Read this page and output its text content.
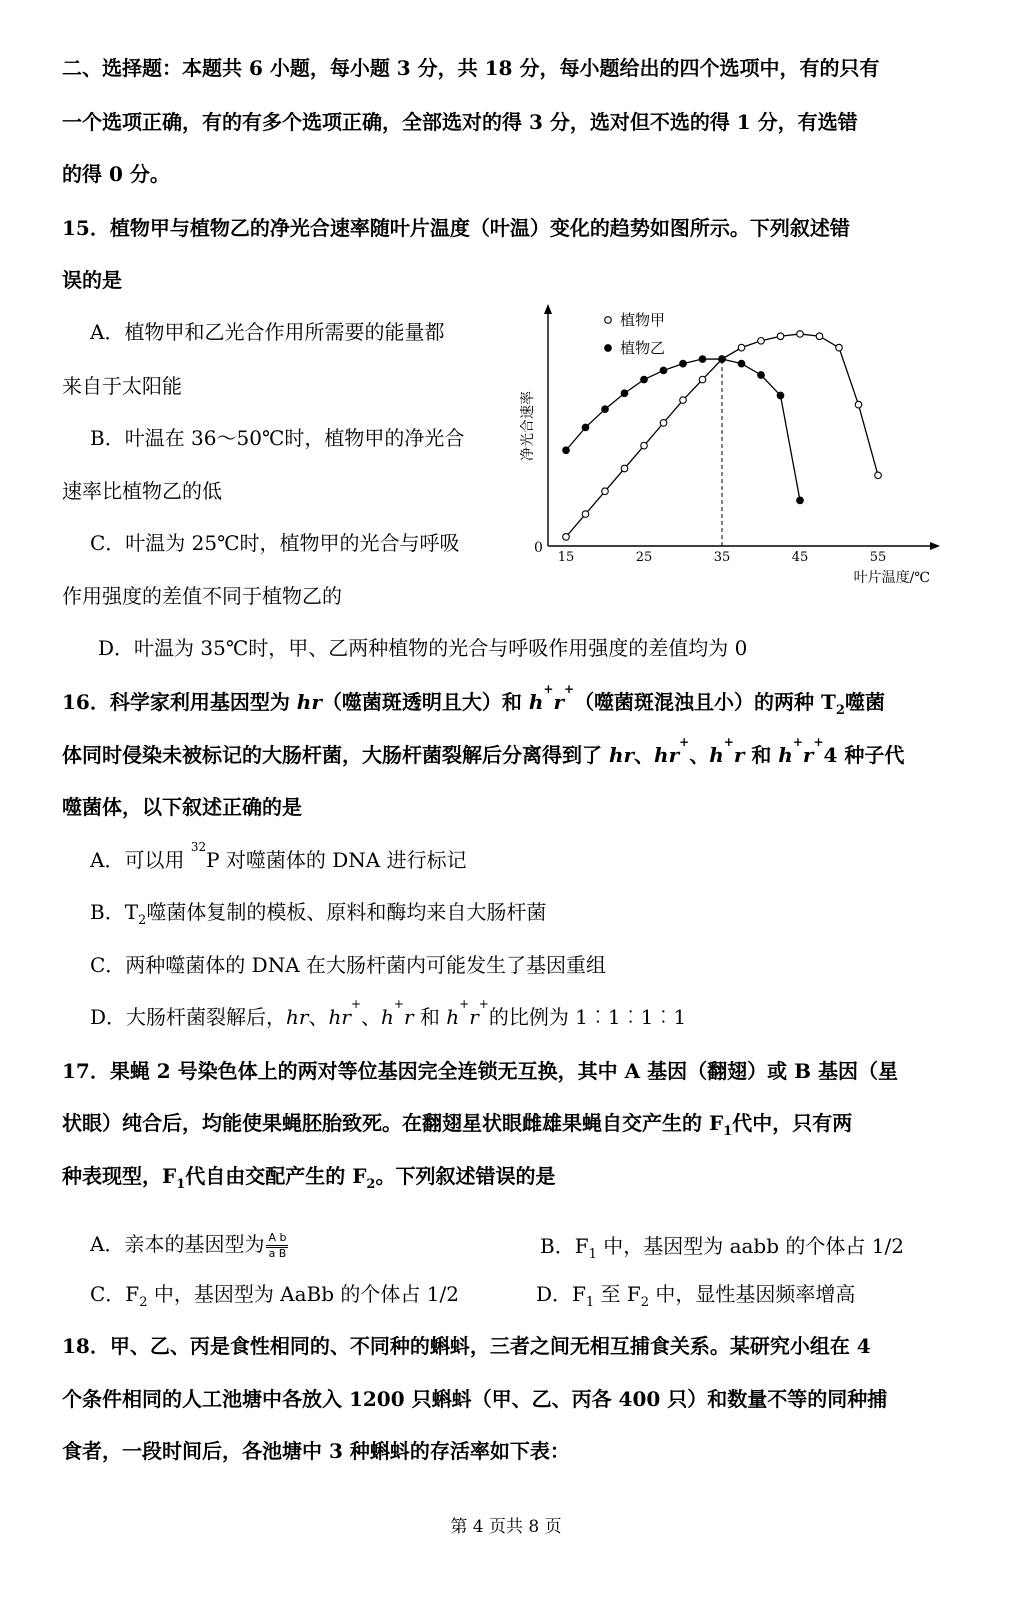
二、选择题：本题共 6 小题，每小题 3 分，共 18 分，每小题给出的四个选项中，有的只有
一个选项正确，有的有多个选项正确，全部选对的得 3 分，选对但不选的得 1 分，有选错
的得 0 分。
15．植物甲与植物乙的净光合速率随叶片温度（叶温）变化的趋势如图所示。下列叙述错
误的是
A．植物甲和乙光合作用所需要的能量都
来自于太阳能
B．叶温在 36～50℃时，植物甲的净光合
速率比植物乙的低
C．叶温为 25℃时，植物甲的光合与呼吸
作用强度的差值不同于植物乙的
D．叶温为 35℃时，甲、乙两种植物的光合与呼吸作用强度的差值均为 0
0
15	25	35	45	55
叶片温度/℃
净光合速率
植物甲
植物乙
16．科学家利用基因型为 hr（噬菌斑透明且大）和 h+r+（噬菌斑混浊且小）的两种 $T_2$噬菌
体同时侵染未被标记的大肠杆菌，大肠杆菌裂解后分离得到了 hr、hr+、h+r 和 h+r+4 种子代
噬菌体，以下叙述正确的是
A．可以用 $^{32}$P 对噬菌体的 DNA 进行标记
B．$T_2$噬菌体复制的模板、原料和酶均来自大肠杆菌
C．两种噬菌体的 DNA 在大肠杆菌内可能发生了基因重组
D．大肠杆菌裂解后，hr、hr+、h+r 和 h+r+的比例为 1︰1︰1︰1
17．果蝇 2 号染色体上的两对等位基因完全连锁无互换，其中 A 基因（翻翅）或 B 基因（星
状眼）纯合后，均能使果蝇胚胎致死。在翻翅星状眼雌雄果蝇自交产生的 $F_1$代中，只有两
种表现型，$F_1$代自由交配产生的 $F_2$。下列叙述错误的是
A．亲本的基因型为 $\frac{\text{A b}}{\text{a B}}$	B．$F_1$ 中，基因型为 aabb 的个体占 1/2
C．$F_2$ 中，基因型为 AaBb 的个体占 1/2	D．$F_1$ 至 $F_2$ 中，显性基因频率增高
18．甲、乙、丙是食性相同的、不同种的蝌蚪，三者之间无相互捕食关系。某研究小组在 4
个条件相同的人工池塘中各放入 1200 只蝌蚪（甲、乙、丙各 400 只）和数量不等的同种捕
食者，一段时间后，各池塘中 3 种蝌蚪的存活率如下表：
第 4 页共 8 页
